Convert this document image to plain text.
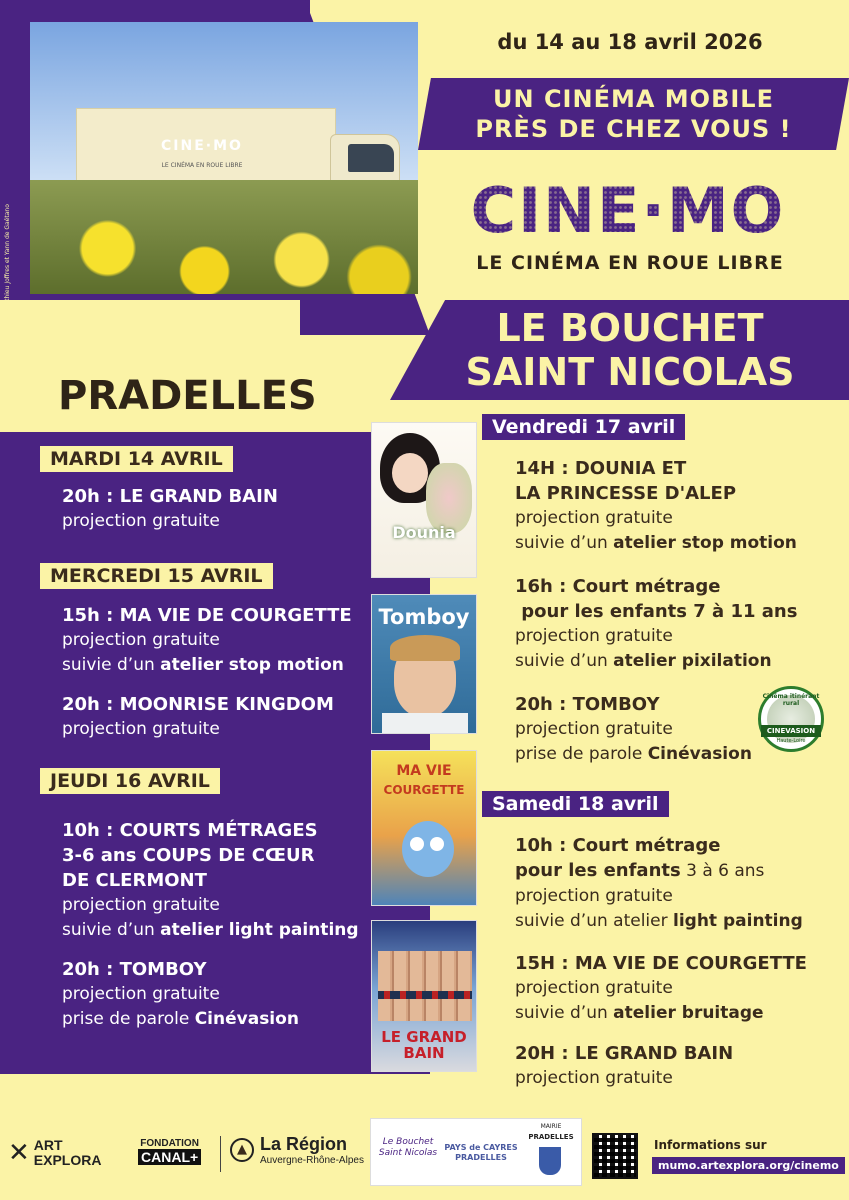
CINE·MO
LE CINÉMA EN ROUE LIBRE
© Matthieu Joffres et Yann de Gaétano
du 14 au 18 avril 2026
UN CINÉMA MOBILE
PRÈS DE CHEZ VOUS !
CINE·MO
LE CINÉMA EN ROUE LIBRE
LE BOUCHET
SAINT NICOLAS
PRADELLES
MARDI 14 AVRIL
20h : LE GRAND BAIN
projection gratuite
MERCREDI 15 AVRIL
15h : MA VIE DE COURGETTE
projection gratuite
suivie d’un atelier stop motion
20h : MOONRISE KINGDOM
projection gratuite
JEUDI 16 AVRIL
10h : COURTS MÉTRAGES
3-6 ans COUPS DE CŒUR
DE CLERMONT
projection gratuite
suivie d’un atelier light painting
20h : TOMBOY
projection gratuite
prise de parole Cinévasion
Dounia
Tomboy
MA VIE
COURGETTE
LE GRAND BAIN
Vendredi 17 avril
14H : DOUNIA ET
LA PRINCESSE D'ALEP
projection gratuite
suivie d’un atelier stop motion
16h : Court métrage
pour les enfants 7 à 11 ans
projection gratuite
suivie d’un atelier pixilation
20h : TOMBOY
projection gratuite
prise de parole Cinévasion
Cinéma itinérant rural
CINEVASION
Haute-Loire
Samedi 18 avril
10h : Court métrage
pour les enfants 3 à 6 ans
projection gratuite
suivie d’un atelier light painting
15H : MA VIE DE COURGETTE
projection gratuite
suivie d’un atelier bruitage
20H : LE GRAND BAIN
projection gratuite
✕ ART
EXPLORA
FONDATION
CANAL+	▲ La Région
Auvergne-Rhône-Alpes
Le Bouchet Saint Nicolas
PAYS de CAYRES PRADELLES
MAIRIE
PRADELLES
Informations sur
mumo.artexplora.org/cinemo
